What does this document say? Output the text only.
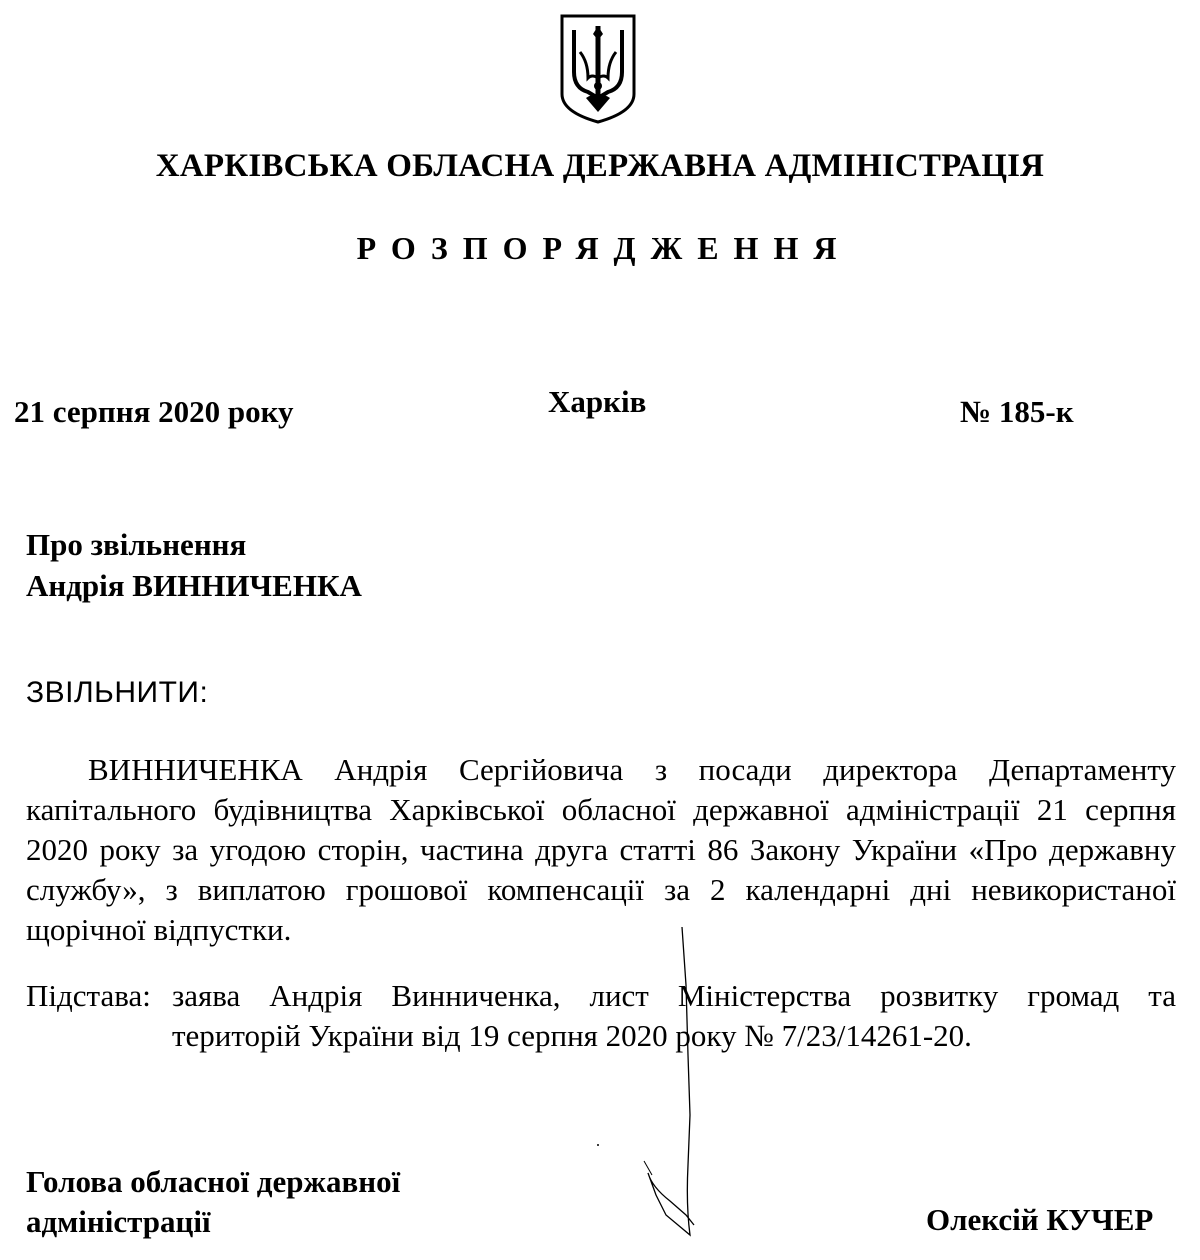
ХАРКІВСЬКА ОБЛАСНА ДЕРЖАВНА АДМІНІСТРАЦІЯ
РОЗПОРЯДЖЕННЯ
21 серпня 2020 року	Харків	№ 185-к
Про звільнення
Андрія ВИННИЧЕНКА
ЗВІЛЬНИТИ:
ВИННИЧЕНКА Андрія Сергійовича з посади директора Департаменту капітального будівництва Харківської обласної державної адміністрації 21 серпня 2020 року за угодою сторін, частина друга статті 86 Закону України «Про державну службу», з виплатою грошової компенсації за 2 календарні дні невикористаної щорічної відпустки.
Підстава: заява Андрія Винниченка, лист Міністерства розвитку громад та
територій України від 19 серпня 2020 року № 7/23/14261-20.
Голова обласної державної
адміністрації	Олексій КУЧЕР
